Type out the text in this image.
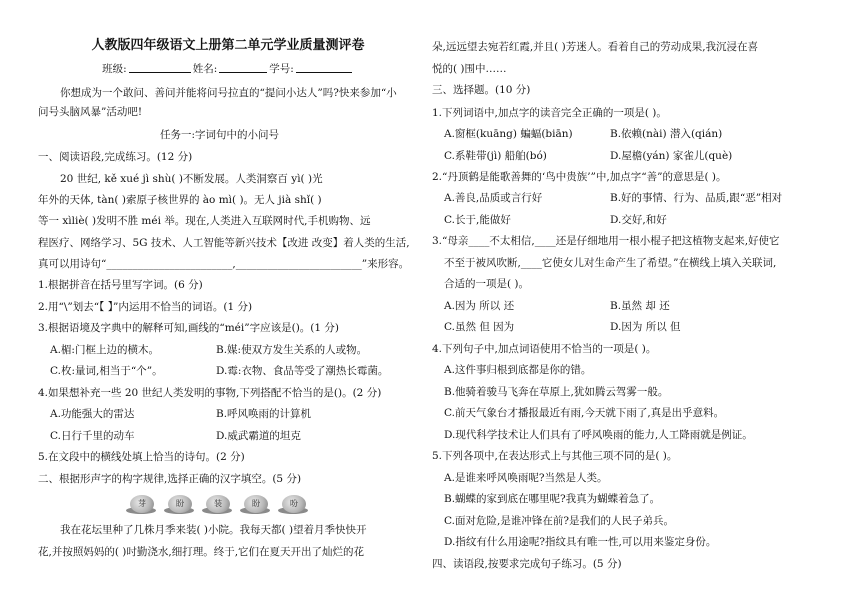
人教版四年级语文上册第二单元学业质量测评卷
班级:	姓名:	学号:
你想成为一个敢问、善问并能将问号拉直的“提问小达人”吗?快来参加“小
问号头脑风暴”活动吧!
任务一:字词句中的小问号
一、阅读语段,完成练习。(12 分)
20 世纪, kě xué jì shù( )不断发展。人类洞察百 yì( )光
年外的天体, tàn( )索原子核世界的 ào mì( )。无人 jià shǐ( )
等一 xìliè( )发明不胜 méi 举。现在,人类进入互联网时代,手机购物、远
程医疗、网络学习、5G 技术、人工智能等新兴技术【改进 改变】着人类的生活,
真可以用诗句“________________________,________________________”来形容。
1.根据拼音在括号里写字词。(6 分)
2.用“\”划去“【 】”内运用不恰当的词语。(1 分)
3.根据语境及字典中的解释可知,画线的“méi”字应该是()。(1 分)
A.楣:门框上边的横木。	B.媒:使双方发生关系的人或物。
C.枚:量词,相当于“个”。	D.霉:衣物、食品等受了潮热长霉菌。
4.如果想补充一些 20 世纪人类发明的事物,下列搭配不恰当的是()。(2 分)
A.功能强大的雷达	B.呼风唤雨的计算机
C.日行千里的动车	D.威武霸道的坦克
5.在文段中的横线处填上恰当的诗句。(2 分)
二、根据形声字的构字规律,选择正确的汉字填空。(5 分)
我在花坛里种了几株月季来装( )小院。我每天都( )望着月季快快开
花,并按照妈妈的( )吋勤浇水,细打理。终于,它们在夏天开出了灿烂的花
芽	盼	装	盼	吩
朵,远远望去宛若红霞,并且( )芳迷人。看着自己的劳动成果,我沉浸在喜
悦的( )围中……
三、选择题。(10 分)
1.下列词语中,加点字的读音完全正确的一项是( )。
A.窗框(kuāng) 蝙蝠(biān)	B.依赖(nài) 潜入(qián)
C.系鞋带(jì) 船舶(bó)	D.屋檐(yán) 家雀儿(què)
2.“丹顶鹤是能歌善舞的‘鸟中贵族’”中,加点字“善”的意思是( )。
A.善良,品质或言行好	B.好的事情、行为、品质,跟“恶”相对
C.长于,能做好	D.交好,和好
3.“母亲____不太相信,____还是仔细地用一根小棍子把这植物支起来,好使它
不至于被风吹断,____它使女儿对生命产生了希望。”在横线上填入关联词,
合适的一项是( )。
A.因为 所以 还	B.虽然 却 还
C.虽然 但 因为	D.因为 所以 但
4.下列句子中,加点词语使用不恰当的一项是( )。
A.这件事归根到底都是你的错。
B.他骑着骏马飞奔在草原上,犹如腾云驾雾一般。
C.前天气象台才播报最近有雨,今天就下雨了,真是出乎意料。
D.现代科学技术让人们具有了呼风唤雨的能力,人工降雨就是例证。
5.下列各项中,在表达形式上与其他三项不同的是( )。
A.是谁来呼风唤雨呢?当然是人类。
B.蝴蝶的家到底在哪里呢?我真为蝴蝶着急了。
C.面对危险,是谁冲锋在前?是我们的人民子弟兵。
D.指纹有什么用途呢?指纹具有唯一性,可以用来鉴定身份。
四、读语段,按要求完成句子练习。(5 分)
